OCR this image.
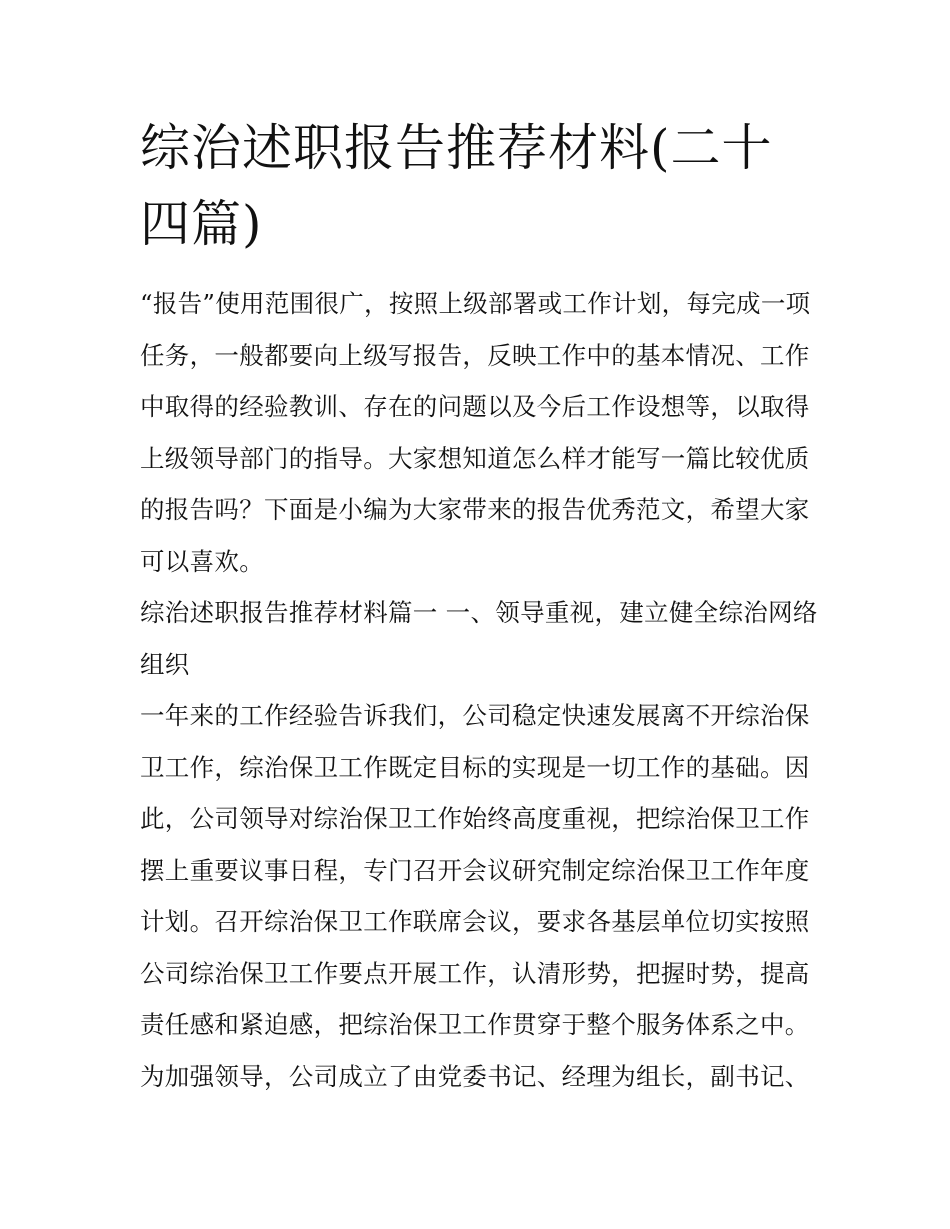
综治述职报告推荐材料(二十四篇)

“报告”使用范围很广，按照上级部署或工作计划，每完成一项任务，一般都要向上级写报告，反映工作中的基本情况、工作中取得的经验教训、存在的问题以及今后工作设想等，以取得上级领导部门的指导。大家想知道怎么样才能写一篇比较优质的报告吗？下面是小编为大家带来的报告优秀范文，希望大家可以喜欢。

综治述职报告推荐材料篇一 一、领导重视，建立健全综治网络组织

一年来的工作经验告诉我们，公司稳定快速发展离不开综治保卫工作，综治保卫工作既定目标的实现是一切工作的基础。因此，公司领导对综治保卫工作始终高度重视，把综治保卫工作摆上重要议事日程，专门召开会议研究制定综治保卫工作年度计划。召开综治保卫工作联席会议，要求各基层单位切实按照公司综治保卫工作要点开展工作，认清形势，把握时势，提高责任感和紧迫感，把综治保卫工作贯穿于整个服务体系之中。为加强领导，公司成立了由党委书记、经理为组长，副书记、
